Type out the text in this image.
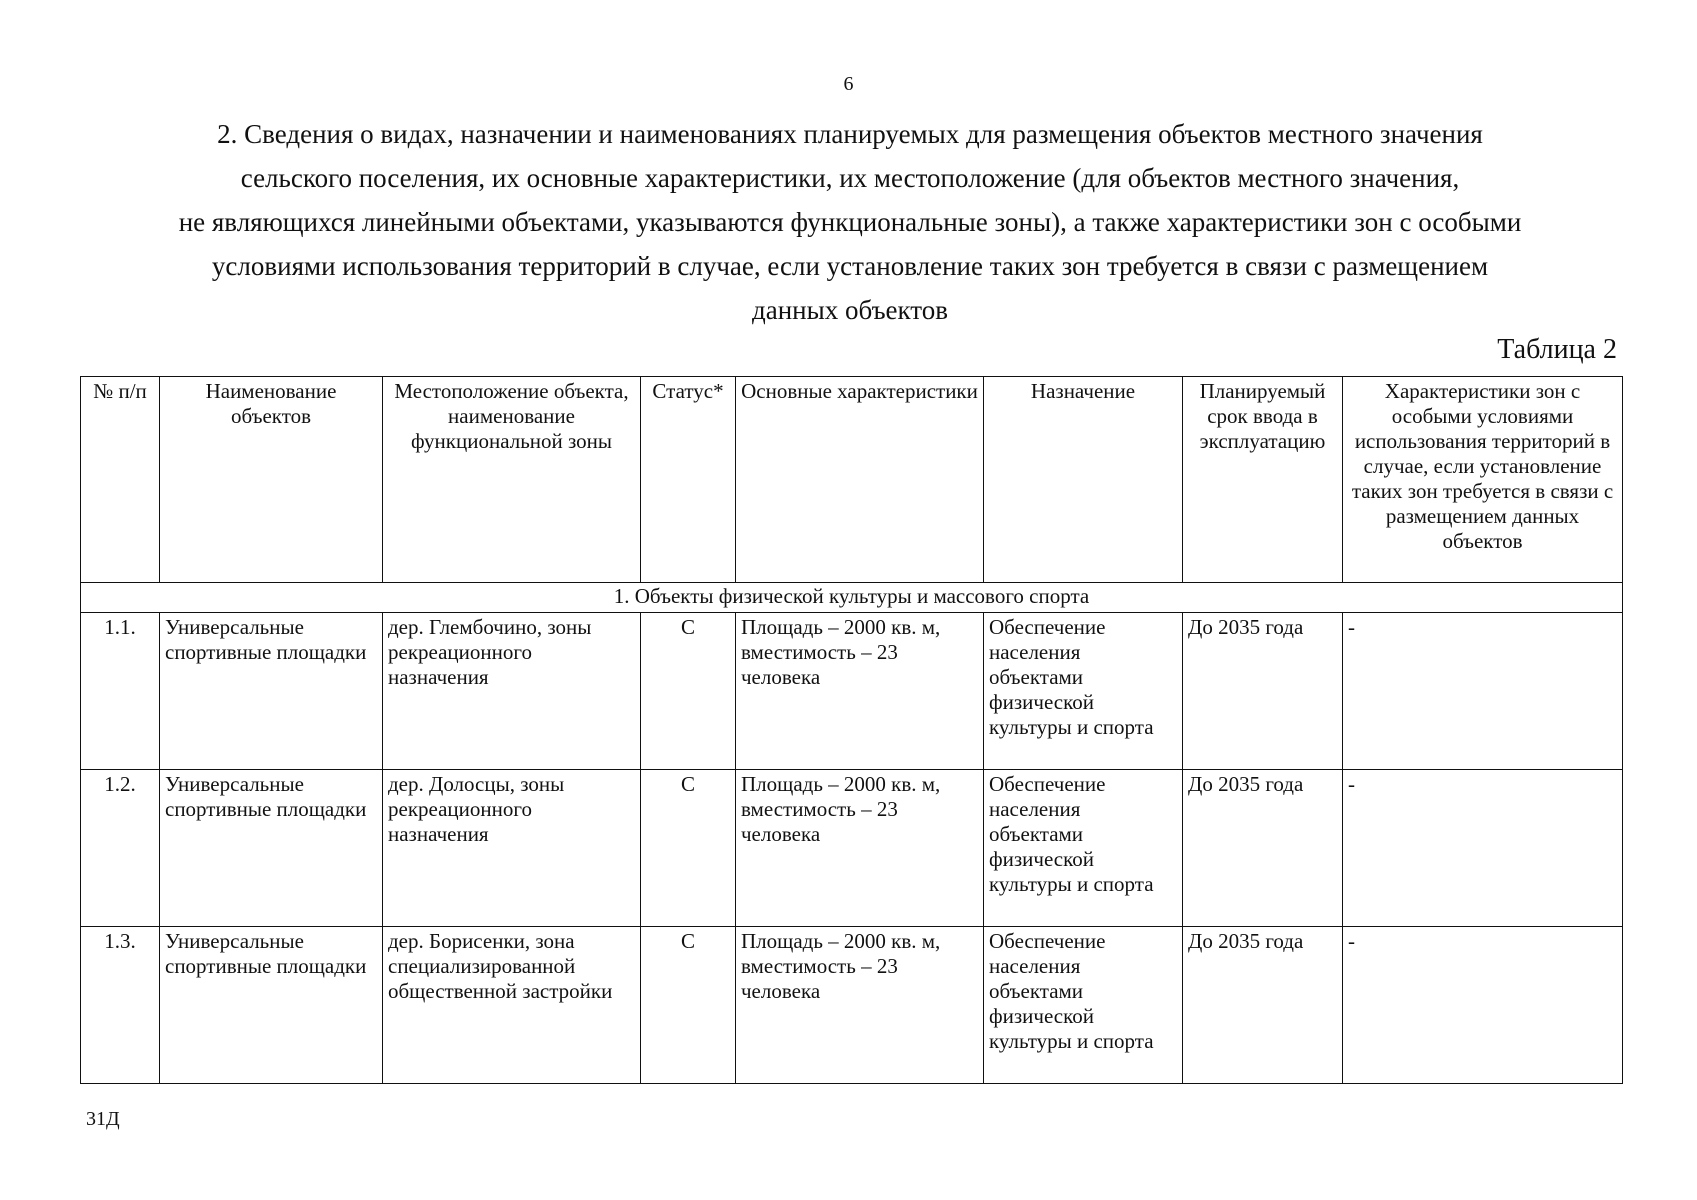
6
2. Сведения о видах, назначении и наименованиях планируемых для размещения объектов местного значения
сельского поселения, их основные характеристики, их местоположение (для объектов местного значения,
не являющихся линейными объектами, указываются функциональные зоны), а также характеристики зон с особыми
условиями использования территорий в случае, если установление таких зон требуется в связи с размещением
данных объектов
Таблица 2
№ п/п	Наименование объектов	Местоположение объекта, наименование функциональной зоны	Статус*	Основные характеристики	Назначение	Планируемый срок ввода в эксплуатацию	Характеристики зон с особыми условиями использования территорий в случае, если установление таких зон требуется в связи с размещением данных объектов
1. Объекты физической культуры и массового спорта							
1.1.	Универсальные спортивные площадки	дер. Глембочино, зоны рекреационного назначения	С	Площадь – 2000 кв. м, вместимость – 23 человека	Обеспечение населения объектами физической культуры и спорта	До 2035 года	-
1.2.	Универсальные спортивные площадки	дер. Долосцы, зоны рекреационного назначения	С	Площадь – 2000 кв. м, вместимость – 23 человека	Обеспечение населения объектами физической культуры и спорта	До 2035 года	-
1.3.	Универсальные спортивные площадки	дер. Борисенки, зона специализированной общественной застройки	С	Площадь – 2000 кв. м, вместимость – 23 человека	Обеспечение населения объектами физической культуры и спорта	До 2035 года	-
31Д
